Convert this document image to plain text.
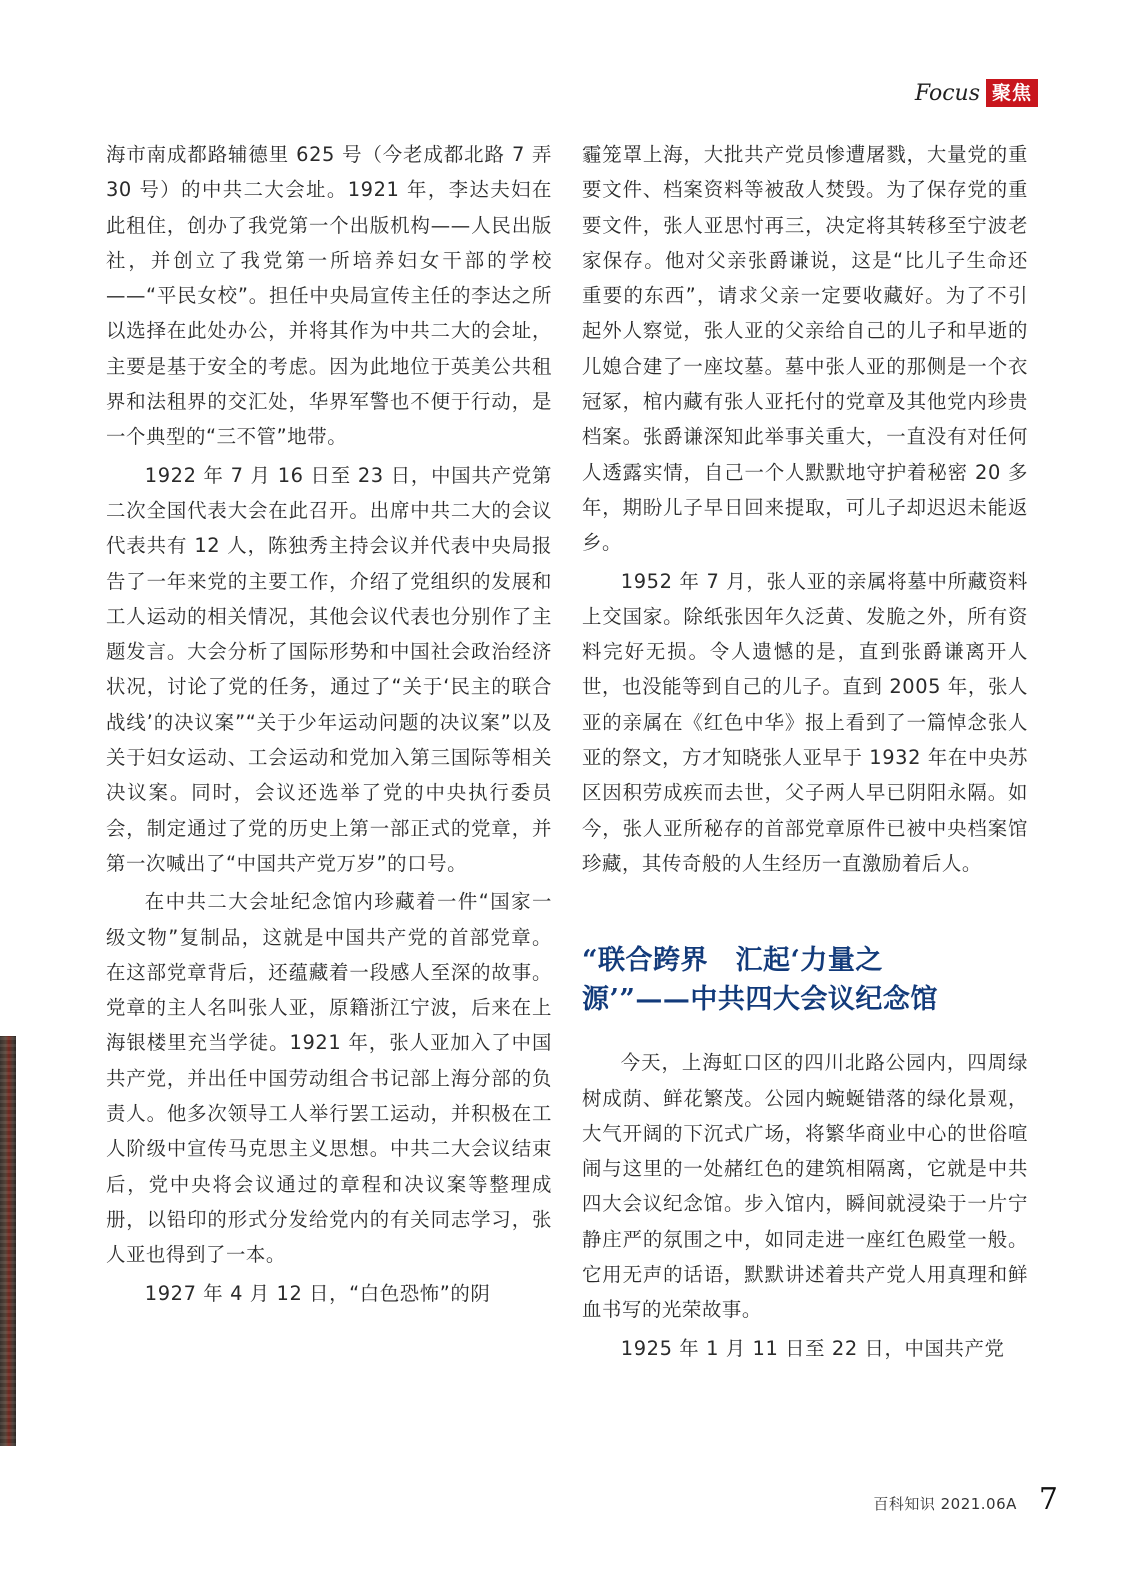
Focus 聚焦

海市南成都路辅德里 625 号（今老成都北路 7 弄 30 号）的中共二大会址。1921 年，李达夫妇在此租住，创办了我党第一个出版机构——人民出版社，并创立了我党第一所培养妇女干部的学校——“平民女校”。担任中央局宣传主任的李达之所以选择在此处办公，并将其作为中共二大的会址，主要是基于安全的考虑。因为此地位于英美公共租界和法租界的交汇处，华界军警也不便于行动，是一个典型的“三不管”地带。

1922 年 7 月 16 日至 23 日，中国共产党第二次全国代表大会在此召开。出席中共二大的会议代表共有 12 人，陈独秀主持会议并代表中央局报告了一年来党的主要工作，介绍了党组织的发展和工人运动的相关情况，其他会议代表也分别作了主题发言。大会分析了国际形势和中国社会政治经济状况，讨论了党的任务，通过了“关于‘民主的联合战线’的决议案”“关于少年运动问题的决议案”以及关于妇女运动、工会运动和党加入第三国际等相关决议案。同时，会议还选举了党的中央执行委员会，制定通过了党的历史上第一部正式的党章，并第一次喊出了“中国共产党万岁”的口号。

在中共二大会址纪念馆内珍藏着一件“国家一级文物”复制品，这就是中国共产党的首部党章。在这部党章背后，还蕴藏着一段感人至深的故事。党章的主人名叫张人亚，原籍浙江宁波，后来在上海银楼里充当学徒。1921 年，张人亚加入了中国共产党，并出任中国劳动组合书记部上海分部的负责人。他多次领导工人举行罢工运动，并积极在工人阶级中宣传马克思主义思想。中共二大会议结束后，党中央将会议通过的章程和决议案等整理成册，以铅印的形式分发给党内的有关同志学习，张人亚也得到了一本。

1927 年 4 月 12 日，“白色恐怖”的阴

霾笼罩上海，大批共产党员惨遭屠戮，大量党的重要文件、档案资料等被敌人焚毁。为了保存党的重要文件，张人亚思忖再三，决定将其转移至宁波老家保存。他对父亲张爵谦说，这是“比儿子生命还重要的东西”，请求父亲一定要收藏好。为了不引起外人察觉，张人亚的父亲给自己的儿子和早逝的儿媳合建了一座坟墓。墓中张人亚的那侧是一个衣冠冢，棺内藏有张人亚托付的党章及其他党内珍贵档案。张爵谦深知此举事关重大，一直没有对任何人透露实情，自己一个人默默地守护着秘密 20 多年，期盼儿子早日回来提取，可儿子却迟迟未能返乡。

1952 年 7 月，张人亚的亲属将墓中所藏资料上交国家。除纸张因年久泛黄、发脆之外，所有资料完好无损。令人遗憾的是，直到张爵谦离开人世，也没能等到自己的儿子。直到 2005 年，张人亚的亲属在《红色中华》报上看到了一篇悼念张人亚的祭文，方才知晓张人亚早于 1932 年在中央苏区因积劳成疾而去世，父子两人早已阴阳永隔。如今，张人亚所秘存的首部党章原件已被中央档案馆珍藏，其传奇般的人生经历一直激励着后人。

“联合跨界　汇起‘力量之
源’”——中共四大会议纪念馆

今天，上海虹口区的四川北路公园内，四周绿树成荫、鲜花繁茂。公园内蜿蜒错落的绿化景观，大气开阔的下沉式广场，将繁华商业中心的世俗喧闹与这里的一处赭红色的建筑相隔离，它就是中共四大会议纪念馆。步入馆内，瞬间就浸染于一片宁静庄严的氛围之中，如同走进一座红色殿堂一般。它用无声的话语，默默讲述着共产党人用真理和鲜血书写的光荣故事。

1925 年 1 月 11 日至 22 日，中国共产党

百科知识 2021.06A 7
